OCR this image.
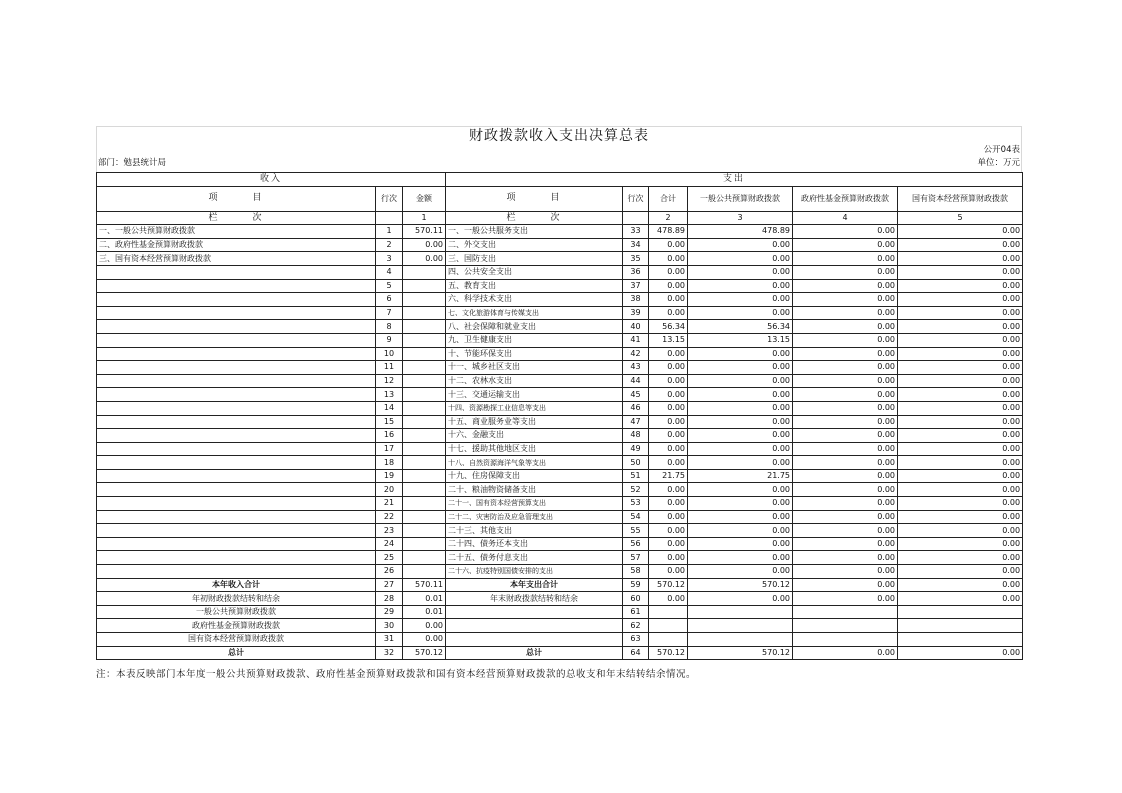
财政拨款收入支出决算总表
公开04表
部门：勉县统计局	单位：万元
收入			支出					
项　　　目	行次	金额	项　　　目	行次	合计	一般公共预算财政拨款	政府性基金预算财政拨款	国有资本经营预算财政拨款
栏　　　次		1	栏　　　次		2	3	4	5
一、一般公共预算财政拨款	1	570.11	一、一般公共服务支出	33	478.89	478.89	0.00	0.00
二、政府性基金预算财政拨款	2	0.00	二、外交支出	34	0.00	0.00	0.00	0.00
三、国有资本经营预算财政拨款	3	0.00	三、国防支出	35	0.00	0.00	0.00	0.00
	4		四、公共安全支出	36	0.00	0.00	0.00	0.00
	5		五、教育支出	37	0.00	0.00	0.00	0.00
	6		六、科学技术支出	38	0.00	0.00	0.00	0.00
	7		七、文化旅游体育与传媒支出	39	0.00	0.00	0.00	0.00
	8		八、社会保障和就业支出	40	56.34	56.34	0.00	0.00
	9		九、卫生健康支出	41	13.15	13.15	0.00	0.00
	10		十、节能环保支出	42	0.00	0.00	0.00	0.00
	11		十一、城乡社区支出	43	0.00	0.00	0.00	0.00
	12		十二、农林水支出	44	0.00	0.00	0.00	0.00
	13		十三、交通运输支出	45	0.00	0.00	0.00	0.00
	14		十四、资源勘探工业信息等支出	46	0.00	0.00	0.00	0.00
	15		十五、商业服务业等支出	47	0.00	0.00	0.00	0.00
	16		十六、金融支出	48	0.00	0.00	0.00	0.00
	17		十七、援助其他地区支出	49	0.00	0.00	0.00	0.00
	18		十八、自然资源海洋气象等支出	50	0.00	0.00	0.00	0.00
	19		十九、住房保障支出	51	21.75	21.75	0.00	0.00
	20		二十、粮油物资储备支出	52	0.00	0.00	0.00	0.00
	21		二十一、国有资本经营预算支出	53	0.00	0.00	0.00	0.00
	22		二十二、灾害防治及应急管理支出	54	0.00	0.00	0.00	0.00
	23		二十三、其他支出	55	0.00	0.00	0.00	0.00
	24		二十四、债务还本支出	56	0.00	0.00	0.00	0.00
	25		二十五、债务付息支出	57	0.00	0.00	0.00	0.00
	26		二十六、抗疫特别国债安排的支出	58	0.00	0.00	0.00	0.00
本年收入合计	27	570.11	本年支出合计	59	570.12	570.12	0.00	0.00
年初财政拨款结转和结余	28	0.01	年末财政拨款结转和结余	60	0.00	0.00	0.00	0.00
一般公共预算财政拨款	29	0.01		61				
政府性基金预算财政拨款	30	0.00		62				
国有资本经营预算财政拨款	31	0.00		63				
总计	32	570.12	总计	64	570.12	570.12	0.00	0.00
注：本表反映部门本年度一般公共预算财政拨款、政府性基金预算财政拨款和国有资本经营预算财政拨款的总收支和年末结转结余情况。
